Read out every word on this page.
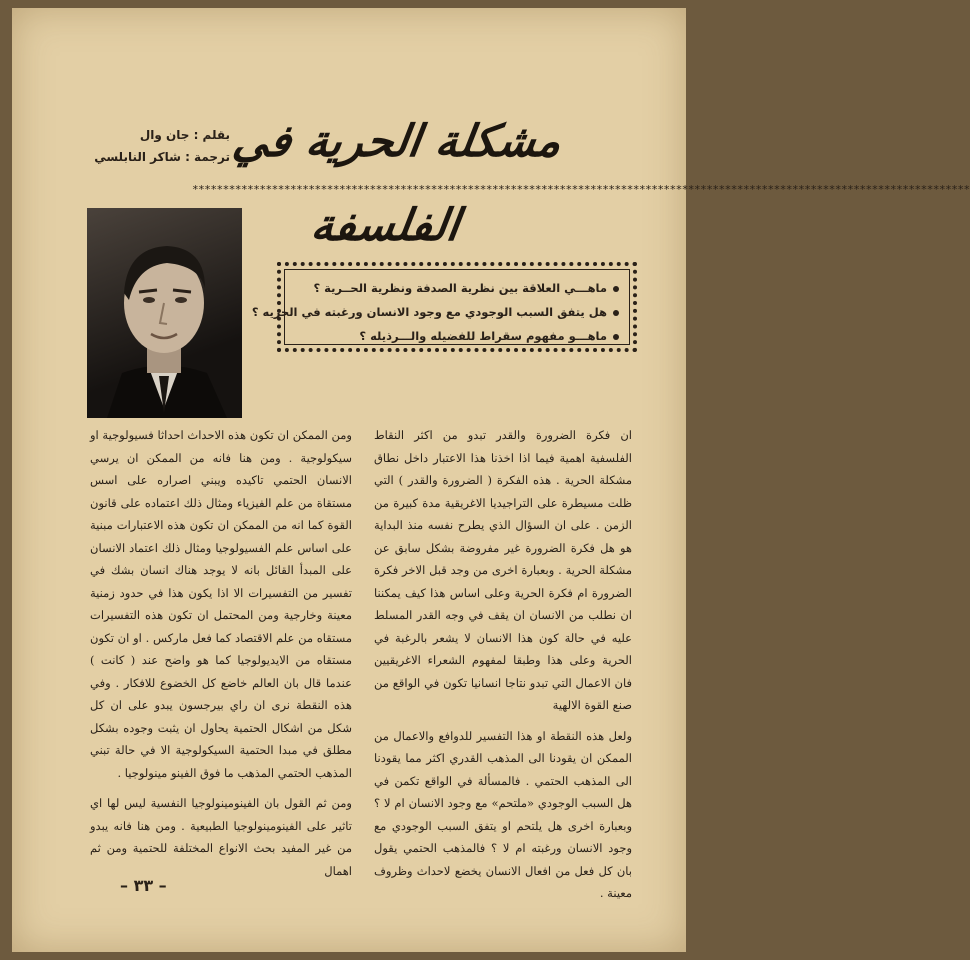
مشكلة الحرية في الفلسفة
بقلم : جان وال
ترجمة : شاكر النابلسي
*******************************************************************************************************************************
ماهـــي العلاقة بين نظرية الصدفة ونظرية الحــرية ؟
هل يتفق السبب الوجودي مع وجود الانسان ورغبته في الحريه ؟
ماهـــو مفهوم سقراط للفضيله والـــرذيله ؟

ان فكرة الضرورة والقدر تبدو من اكثر النقاط الفلسفية اهمية فيما اذا اخذنا هذا الاعتبار داخل نطاق مشكلة الحرية . هذه الفكرة ( الضرورة والقدر ) التي ظلت مسيطرة على التراجيديا الاغريقية مدة كبيرة من الزمن . على ان السؤال الذي يطرح نفسه منذ البداية هو هل فكرة الضرورة غير مفروضة بشكل سابق عن مشكلة الحرية . وبعبارة اخرى من وجد قبل الاخر فكرة الضرورة ام فكرة الحرية وعلى اساس هذا كيف يمكننا ان نطلب من الانسان ان يقف في وجه القدر المسلط عليه في حالة كون هذا الانسان لا يشعر بالرغبة في الحرية وعلى هذا وطبقا لمفهوم الشعراء الاغريقيين فان الاعمال التي تبدو نتاجا انسانيا تكون في الواقع من صنع القوة الالهية

ولعل هذه النقطة او هذا التفسير للدوافع والاعمال من الممكن ان يقودنا الى المذهب القدري اكثر مما يقودنا الى المذهب الحتمي . فالمسألة في الواقع تكمن في هل السبب الوجودي «ملتحم» مع وجود الانسان ام لا ؟ وبعبارة اخرى هل يلتحم او يتفق السبب الوجودي مع وجود الانسان ورغبته ام لا ؟ فالمذهب الحتمي يقول بان كل فعل من افعال الانسان يخضع لاحداث وظروف معينة .

ومن الممكن ان تكون هذه الاحداث احداثا فسيولوجية او سيكولوجية . ومن هنا فانه من الممكن ان يرسي الانسان الحتمي تاكيده ويبني اصراره على اسس مستقاة من علم الفيزياء ومثال ذلك اعتماده على قانون القوة كما انه من الممكن ان تكون هذه الاعتبارات مبنية على اساس علم الفسيولوجيا ومثال ذلك اعتماد الانسان على المبدأ القائل بانه لا يوجد هناك انسان بشك في تفسير من التفسيرات الا اذا يكون هذا في حدود زمنية معينة وخارجية ومن المحتمل ان تكون هذه التفسيرات مستقاه من علم الاقتصاد كما فعل ماركس . او ان تكون مستقاه من الايديولوجيا كما هو واضح عند ( كانت ) عندما قال بان العالم خاضع كل الخضوع للافكار . وفي هذه النقطة نرى ان راي بيرجسون يبدو على ان كل شكل من اشكال الحتمية يحاول ان يثبت وجوده بشكل مطلق في مبدا الحتمية السيكولوجية الا في حالة تبني المذهب الحتمي المذهب ما فوق الفينو مينولوجيا .

ومن ثم القول بان الفينومينولوجيا النفسية ليس لها اي تاثير على الفينومينولوجيا الطبيعية . ومن هنا فانه يبدو من غير المفيد بحث الانواع المختلفة للحتمية ومن ثم اهمال

– ٣٣ –
